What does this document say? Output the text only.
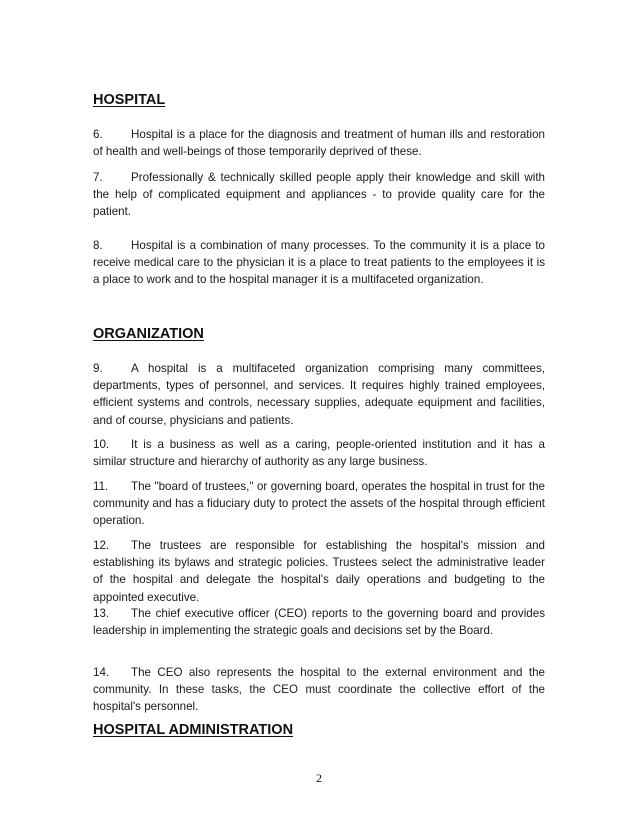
HOSPITAL

6. Hospital is a place for the diagnosis and treatment of human ills and restoration of health and well-beings of those temporarily deprived of these.

7. Professionally & technically skilled people apply their knowledge and skill with the help of complicated equipment and appliances - to provide quality care for the patient.

8. Hospital is a combination of many processes. To the community it is a place to receive medical care to the physician it is a place to treat patients to the employees it is a place to work and to the hospital manager it is a multifaceted organization.

ORGANIZATION

9. A hospital is a multifaceted organization comprising many committees, departments, types of personnel, and services. It requires highly trained employees, efficient systems and controls, necessary supplies, adequate equipment and facilities, and of course, physicians and patients.

10. It is a business as well as a caring, people-oriented institution and it has a similar structure and hierarchy of authority as any large business.

11. The "board of trustees," or governing board, operates the hospital in trust for the community and has a fiduciary duty to protect the assets of the hospital through efficient operation.

12. The trustees are responsible for establishing the hospital's mission and establishing its bylaws and strategic policies. Trustees select the administrative leader of the hospital and delegate the hospital's daily operations and budgeting to the appointed executive.

13. The chief executive officer (CEO) reports to the governing board and provides leadership in implementing the strategic goals and decisions set by the Board.

14. The CEO also represents the hospital to the external environment and the community. In these tasks, the CEO must coordinate the collective effort of the hospital's personnel.

HOSPITAL ADMINISTRATION
2
